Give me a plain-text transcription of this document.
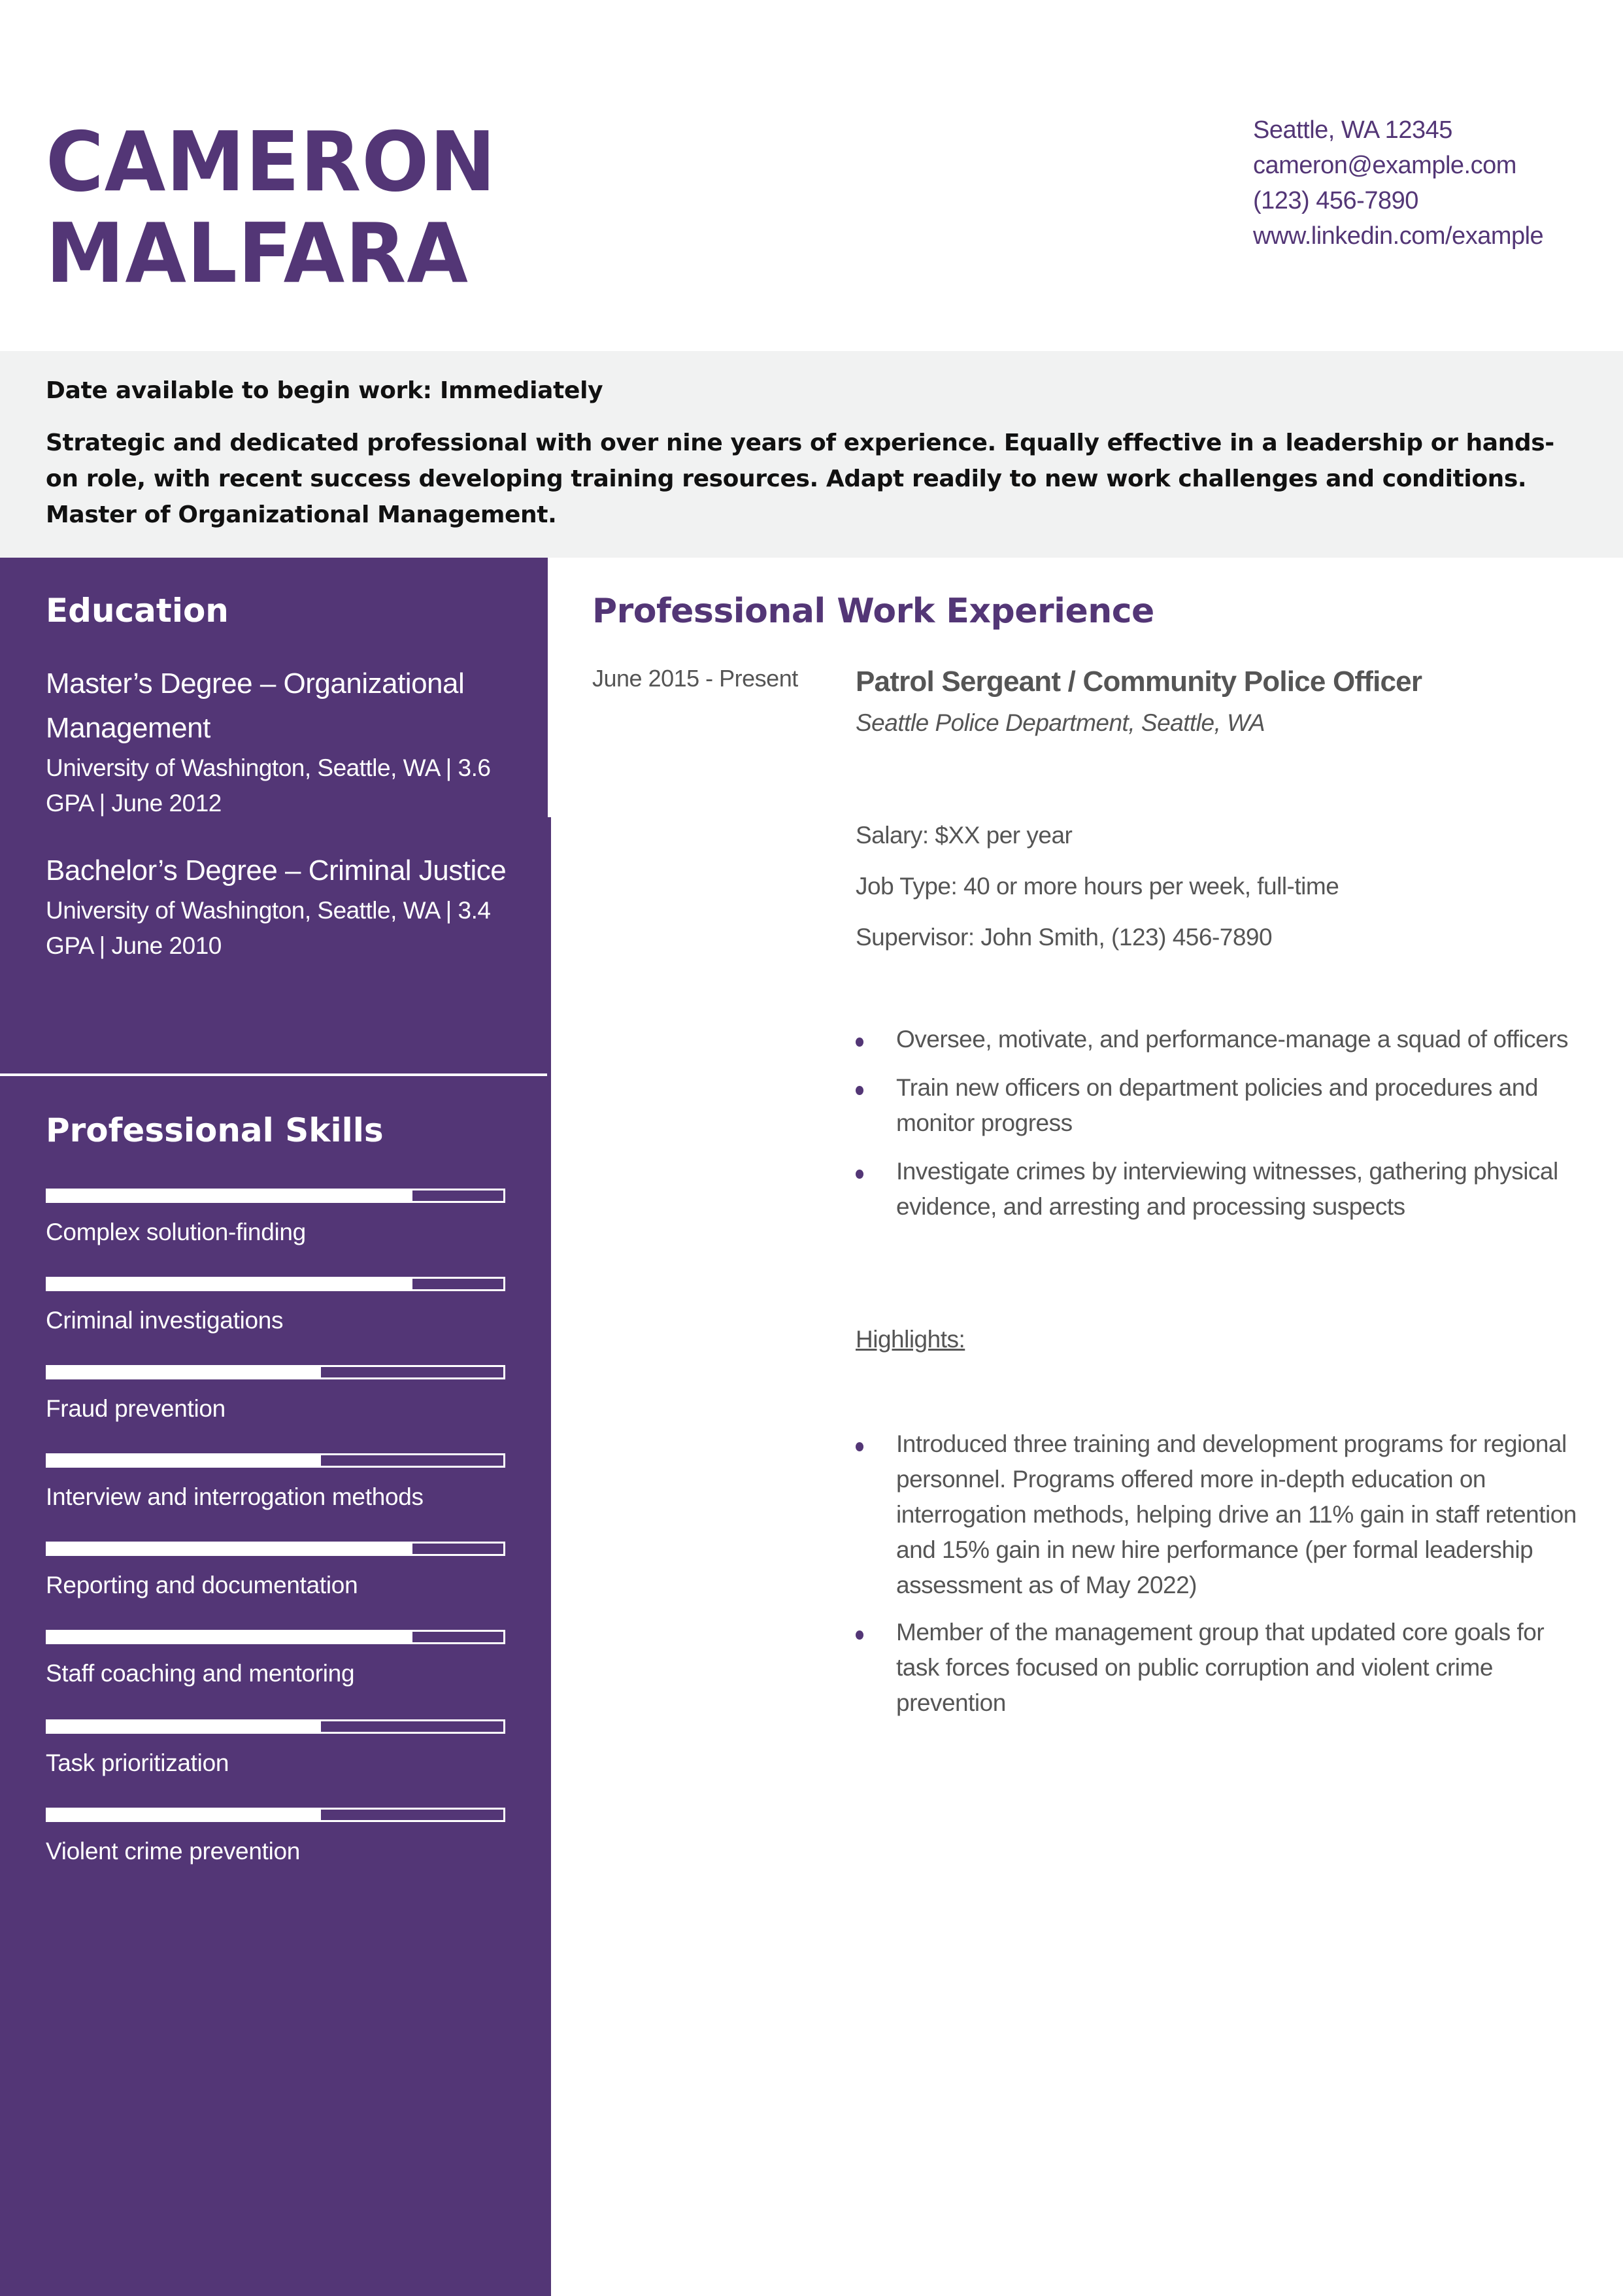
CAMERON
MALFARA
Seattle, WA 12345
cameron@example.com
(123) 456-7890
www.linkedin.com/example
Date available to begin work: Immediately
Strategic and dedicated professional with over nine years of experience. Equally effective in a leadership or hands-on role, with recent success developing training resources. Adapt readily to new work challenges and conditions. Master of Organizational Management.
Education
Master’s Degree – Organizational Management
University of Washington, Seattle, WA | 3.6 GPA | June 2012
Bachelor’s Degree – Criminal Justice
University of Washington, Seattle, WA | 3.4 GPA | June 2010
Professional Skills
Complex solution-finding
Criminal investigations
Fraud prevention
Interview and interrogation methods
Reporting and documentation
Staff coaching and mentoring
Task prioritization
Violent crime prevention
Professional Work Experience
June 2015 - Present Patrol Sergeant / Community Police Officer
Seattle Police Department, Seattle, WA
Salary: $XX per year
Job Type: 40 or more hours per week, full-time
Supervisor: John Smith, (123) 456-7890
Oversee, motivate, and performance-manage a squad of officers
Train new officers on department policies and procedures and monitor progress
Investigate crimes by interviewing witnesses, gathering physical evidence, and arresting and processing suspects
Highlights:
Introduced three training and development programs for regional personnel. Programs offered more in-depth education on interrogation methods, helping drive an 11% gain in staff retention and 15% gain in new hire performance (per formal leadership assessment as of May 2022)
Member of the management group that updated core goals for task forces focused on public corruption and violent crime prevention
